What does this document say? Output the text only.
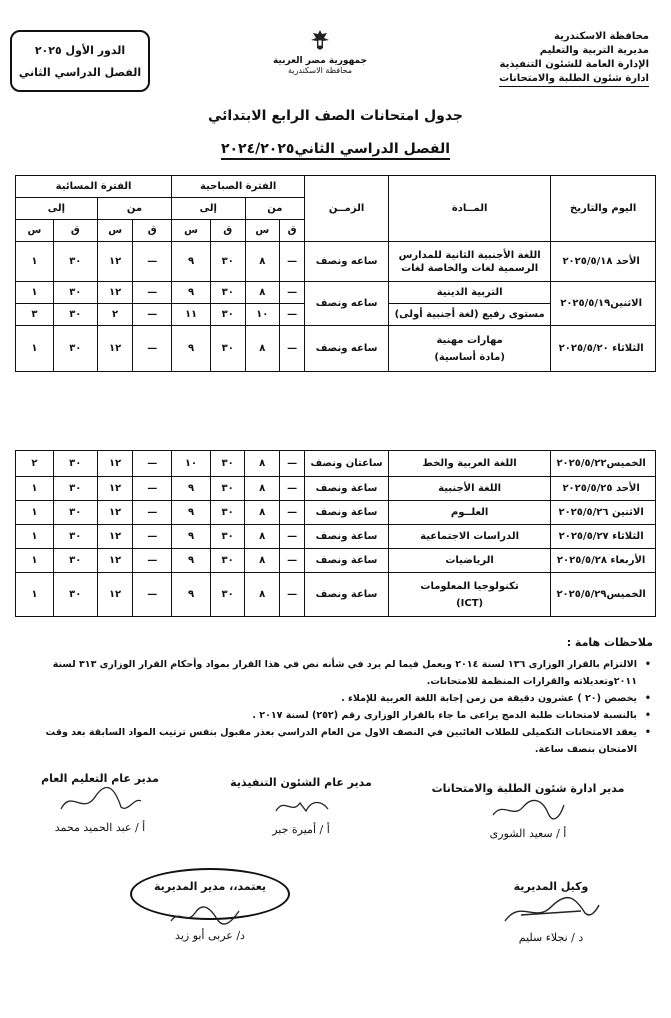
محافظة الاسكندرية
مديرية التربية والتعليم
الإدارة العامة للشئون التنفيذية
ادارة شئون الطلبة والامتحانات
جمهورية مصر العربية
محافظة الاسكندرية
الدور الأول ٢٠٢٥
الفصل الدراسي الثاني
جدول امتحانات الصف الرابع الابتدائي
الفصل الدراسي الثاني٢٠٢٤/٢٠٢٥
اليوم والتاريخ	المــادة	الزمــن	الفترة الصباحية				الفترة المسائية			
			من		إلى		من		إلى	
			ق	س	ق	س	ق	س	ق	س
الأحد ٢٠٢٥/٥/١٨	اللغة الأجنبية الثانية للمدارس الرسمية لغات والخاصة لغات	ساعه ونصف	—	٨	٣٠	٩	—	١٢	٣٠	١
الاثنين٢٠٢٥/٥/١٩	التربية الدينية	ساعه ونصف	—	٨	٣٠	٩	—	١٢	٣٠	١
	مستوى رفيع (لغة أجنبية أولى)		—	١٠	٣٠	١١	—	٢	٣٠	٣
الثلاثاء ٢٠٢٥/٥/٢٠	مهارات مهنية
(مادة أساسية)	ساعه ونصف	—	٨	٣٠	٩	—	١٢	٣٠	١
الخميس٢٠٢٥/٥/٢٢	اللغة العربية والخط	ساعتان ونصف	—	٨	٣٠	١٠	—	١٢	٣٠	٢
الأحد ٢٠٢٥/٥/٢٥	اللغة الأجنبية	ساعة ونصف	—	٨	٣٠	٩	—	١٢	٣٠	١
الاثنين ٢٠٢٥/٥/٢٦	العلــوم	ساعة ونصف	—	٨	٣٠	٩	—	١٢	٣٠	١
الثلاثاء ٢٠٢٥/٥/٢٧	الدراسات الاجتماعية	ساعة ونصف	—	٨	٣٠	٩	—	١٢	٣٠	١
الأربعاء ٢٠٢٥/٥/٢٨	الرياضيات	ساعة ونصف	—	٨	٣٠	٩	—	١٢	٣٠	١
الخميس٢٠٢٥/٥/٢٩	تكنولوجيا المعلومات
(ICT)	ساعة ونصف	—	٨	٣٠	٩	—	١٢	٣٠	١
ملاحظات هامة :
•
الالتزام بالقرار الوزارى ١٣٦ لسنة ٢٠١٤ ويعمل فيما لم يرد في شأنه نص في هذا القرار بمواد وأحكام القرار الوزارى ٣١٣ لسنة ٢٠١١وتعديلاته والقرارات المنظمة للامتحانات.
•
يخصص (٢٠ ) عشرون دقيقة من زمن إجابة اللغة العربية للإملاء .
•
بالنسبة لامتحانات طلبة الدمج يراعى ما جاء بالقرار الوزارى رقم (٢٥٢) لسنة ٢٠١٧ .
•
يعقد الامتحانات التكميلى للطلاب الغائبين في النصف الاول من العام الدراسي بعذر مقبول بنفس ترتيب المواد السابقة بعد وقت الامتحان بنصف ساعة.
مدير ادارة شئون الطلبة والامتحانات
أ / سعيد الشورى
مدير عام الشئون التنفيذية
أ / أميرة جبر
مدير عام التعليم العام
أ / عبد الحميد محمد
يعتمد،، مدير المديرية
د/ عربى أبو زيد
وكيل المديرية
د / نجلاء سليم
